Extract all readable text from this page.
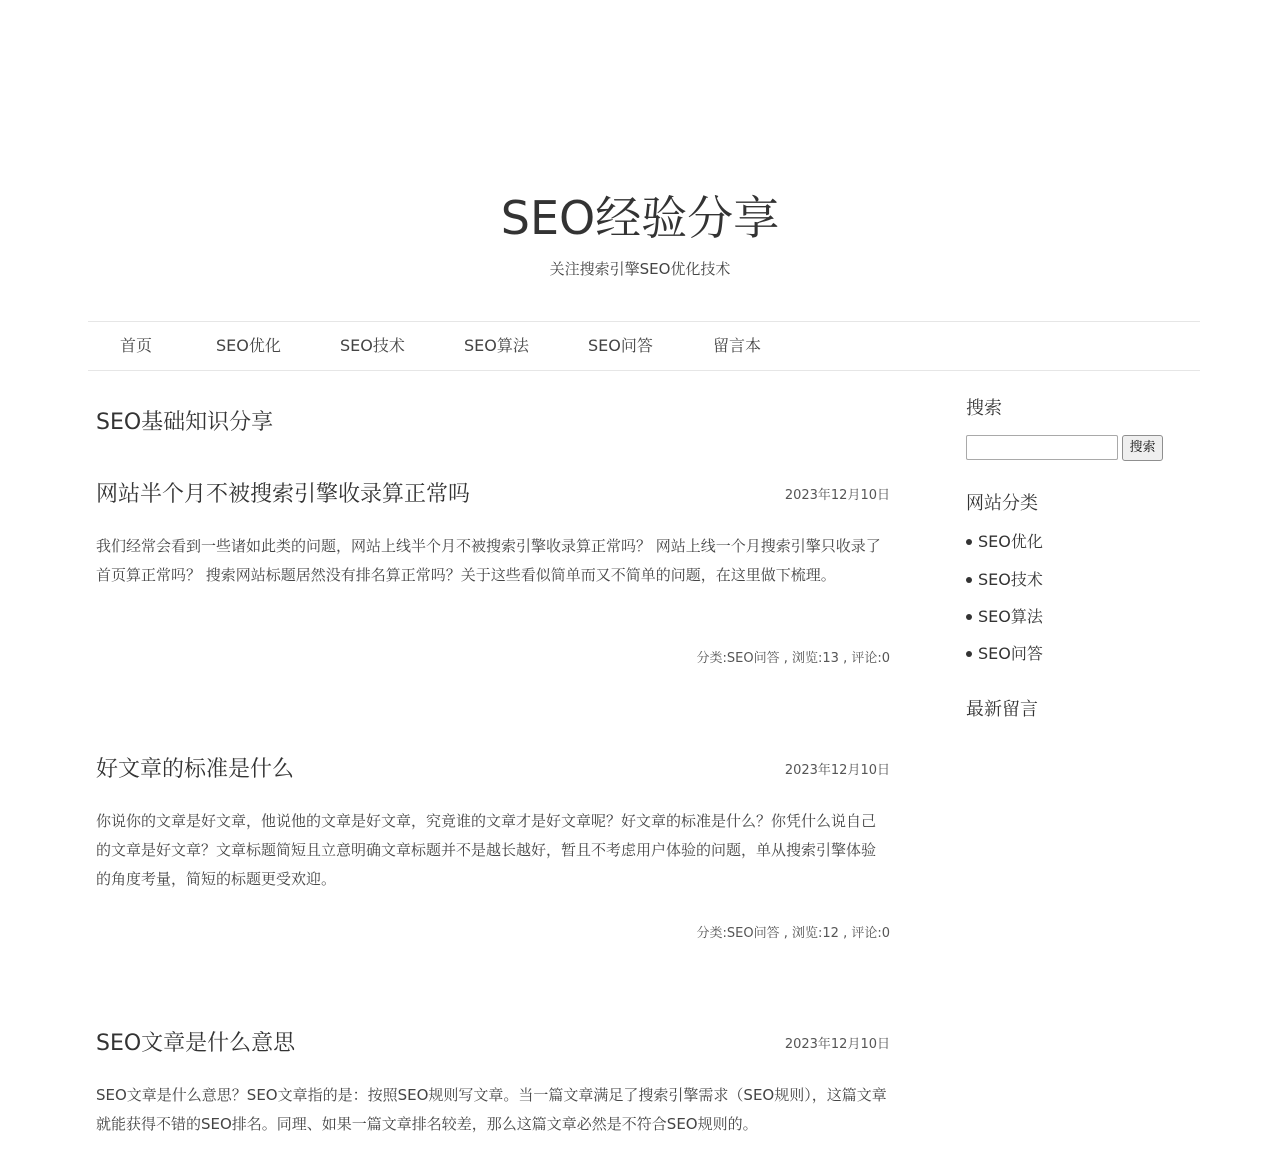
SEO经验分享

关注搜索引擎SEO优化技术

首页	SEO优化	SEO技术	SEO算法	SEO问答	留言本
SEO基础知识分享
网站半个月不被搜索引擎收录算正常吗	2023年12月10日

我们经常会看到一些诸如此类的问题，网站上线半个月不被搜索引擎收录算正常吗？ 网站上线一个月搜索引擎只收录了首页算正常吗？ 搜索网站标题居然没有排名算正常吗？关于这些看似简单而又不简单的问题，在这里做下梳理。

分类:SEO问答 , 浏览:13 , 评论:0
好文章的标准是什么	2023年12月10日

你说你的文章是好文章，他说他的文章是好文章，究竟谁的文章才是好文章呢？好文章的标准是什么？你凭什么说自己的文章是好文章？文章标题简短且立意明确文章标题并不是越长越好，暂且不考虑用户体验的问题，单从搜索引擎体验的角度考量，简短的标题更受欢迎。

分类:SEO问答 , 浏览:12 , 评论:0
SEO文章是什么意思	2023年12月10日

SEO文章是什么意思？SEO文章指的是：按照SEO规则写文章。当一篇文章满足了搜索引擎需求（SEO规则），这篇文章就能获得不错的SEO排名。同理、如果一篇文章排名较差，那么这篇文章必然是不符合SEO规则的。

搜索
搜索
网站分类
SEO优化
SEO技术
SEO算法
SEO问答
最新留言
